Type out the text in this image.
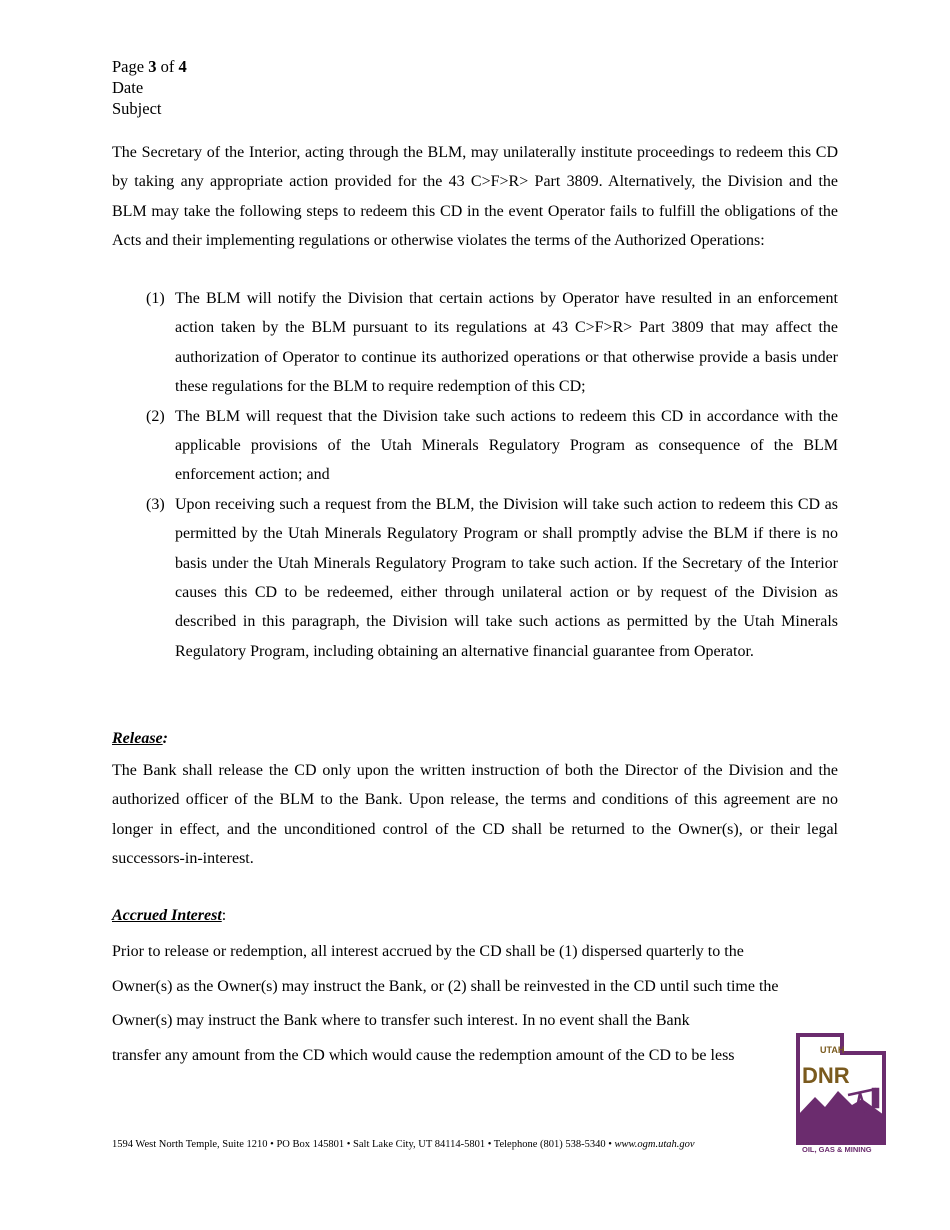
Page 3 of 4
Date
Subject

The Secretary of the Interior, acting through the BLM, may unilaterally institute proceedings to redeem this CD by taking any appropriate action provided for the 43 C>F>R> Part 3809. Alternatively, the Division and the BLM may take the following steps to redeem this CD in the event Operator fails to fulfill the obligations of the Acts and their implementing regulations or otherwise violates the terms of the Authorized Operations:

(1) The BLM will notify the Division that certain actions by Operator have resulted in an enforcement action taken by the BLM pursuant to its regulations at 43 C>F>R> Part 3809 that may affect the authorization of Operator to continue its authorized operations or that otherwise provide a basis under these regulations for the BLM to require redemption of this CD;
(2) The BLM will request that the Division take such actions to redeem this CD in accordance with the applicable provisions of the Utah Minerals Regulatory Program as consequence of the BLM enforcement action; and
(3) Upon receiving such a request from the BLM, the Division will take such action to redeem this CD as permitted by the Utah Minerals Regulatory Program or shall promptly advise the BLM if there is no basis under the Utah Minerals Regulatory Program to take such action. If the Secretary of the Interior causes this CD to be redeemed, either through unilateral action or by request of the Division as described in this paragraph, the Division will take such actions as permitted by the Utah Minerals Regulatory Program, including obtaining an alternative financial guarantee from Operator.
Release:

The Bank shall release the CD only upon the written instruction of both the Director of the Division and the authorized officer of the BLM to the Bank. Upon release, the terms and conditions of this agreement are no longer in effect, and the unconditioned control of the CD shall be returned to the Owner(s), or their legal successors-in-interest.

Accrued Interest:
Prior to release or redemption, all interest accrued by the CD shall be (1) dispersed quarterly to the
Owner(s) as the Owner(s) may instruct the Bank, or (2) shall be reinvested in the CD until such time the
Owner(s) may instruct the Bank where to transfer such interest. In no event shall the Bank
transfer any amount from the CD which would cause the redemption amount of the CD to be less
1594 West North Temple, Suite 1210 • PO Box 145801 • Salt Lake City, UT 84114-5801 • Telephone (801) 538-5340 • www.ogm.utah.gov
UTAH
DNR
OIL, GAS & MINING
